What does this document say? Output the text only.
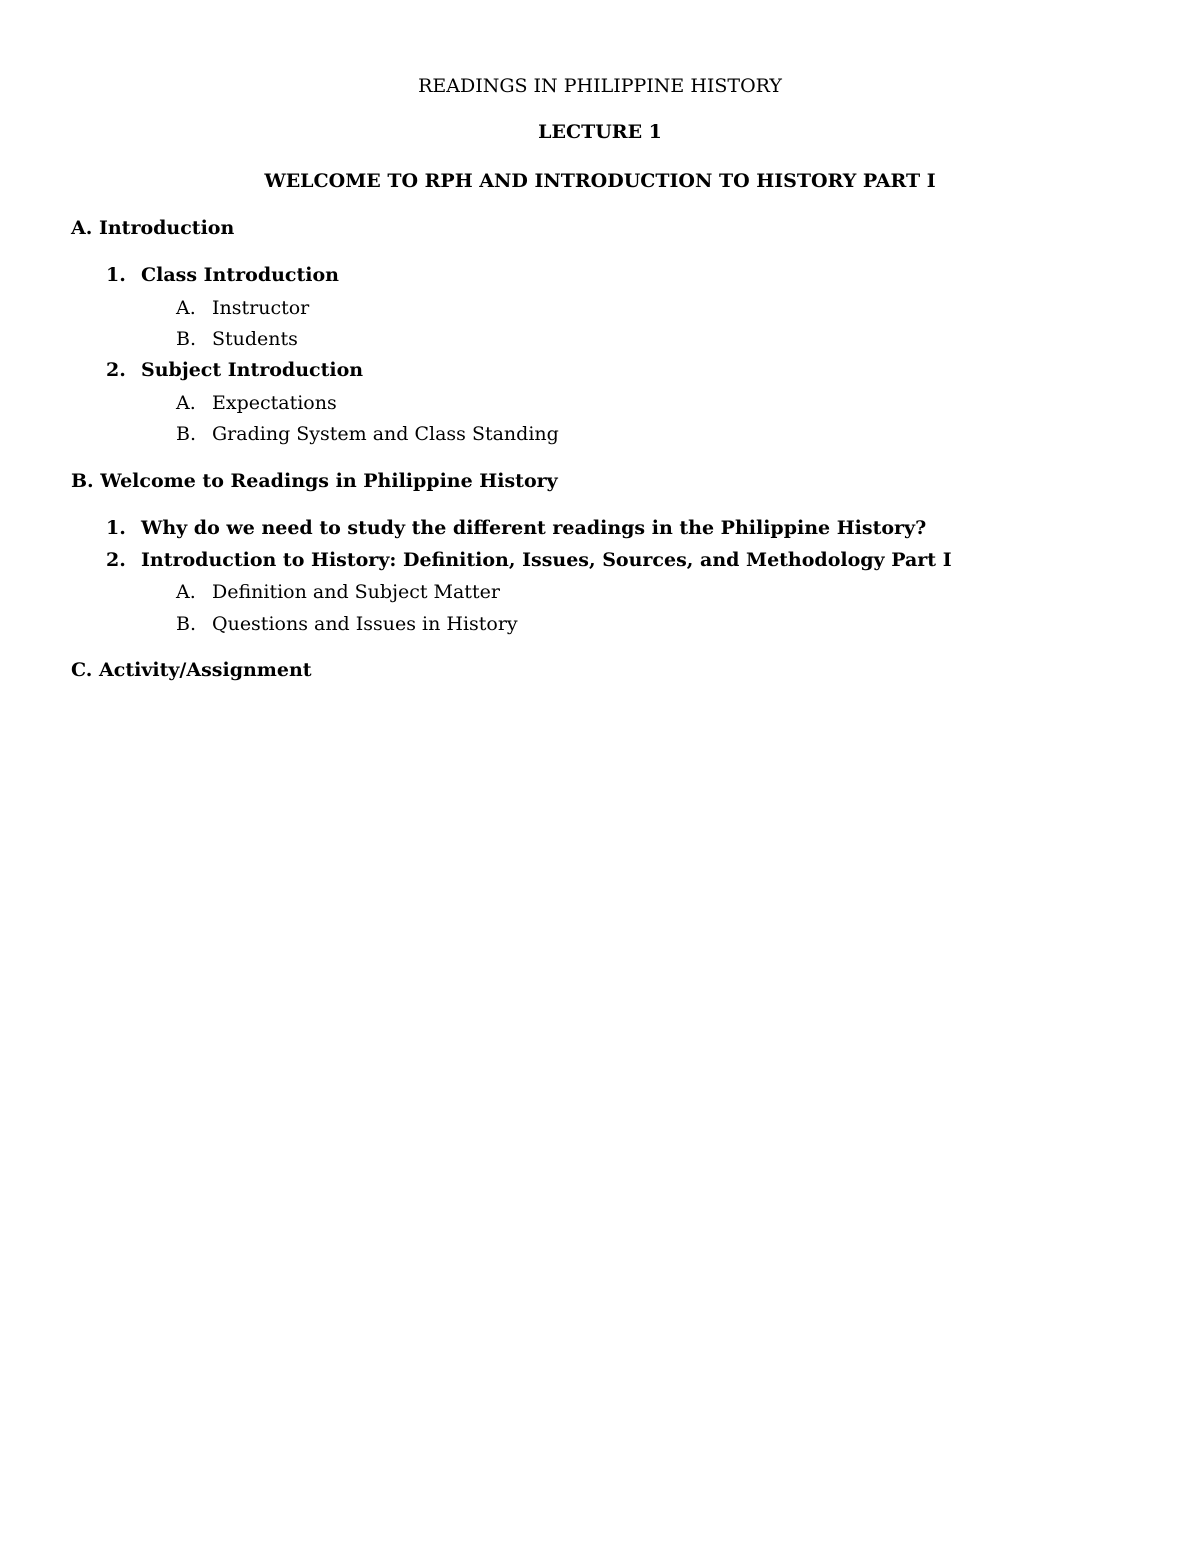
READINGS IN PHILIPPINE HISTORY
LECTURE 1
WELCOME TO RPH AND INTRODUCTION TO HISTORY PART I
A. Introduction
1. Class Introduction
A. Instructor
B. Students
2. Subject Introduction
A. Expectations
B. Grading System and Class Standing
B. Welcome to Readings in Philippine History
1. Why do we need to study the different readings in the Philippine History?
2. Introduction to History: Definition, Issues, Sources, and Methodology Part I
A. Definition and Subject Matter
B. Questions and Issues in History
C. Activity/Assignment
